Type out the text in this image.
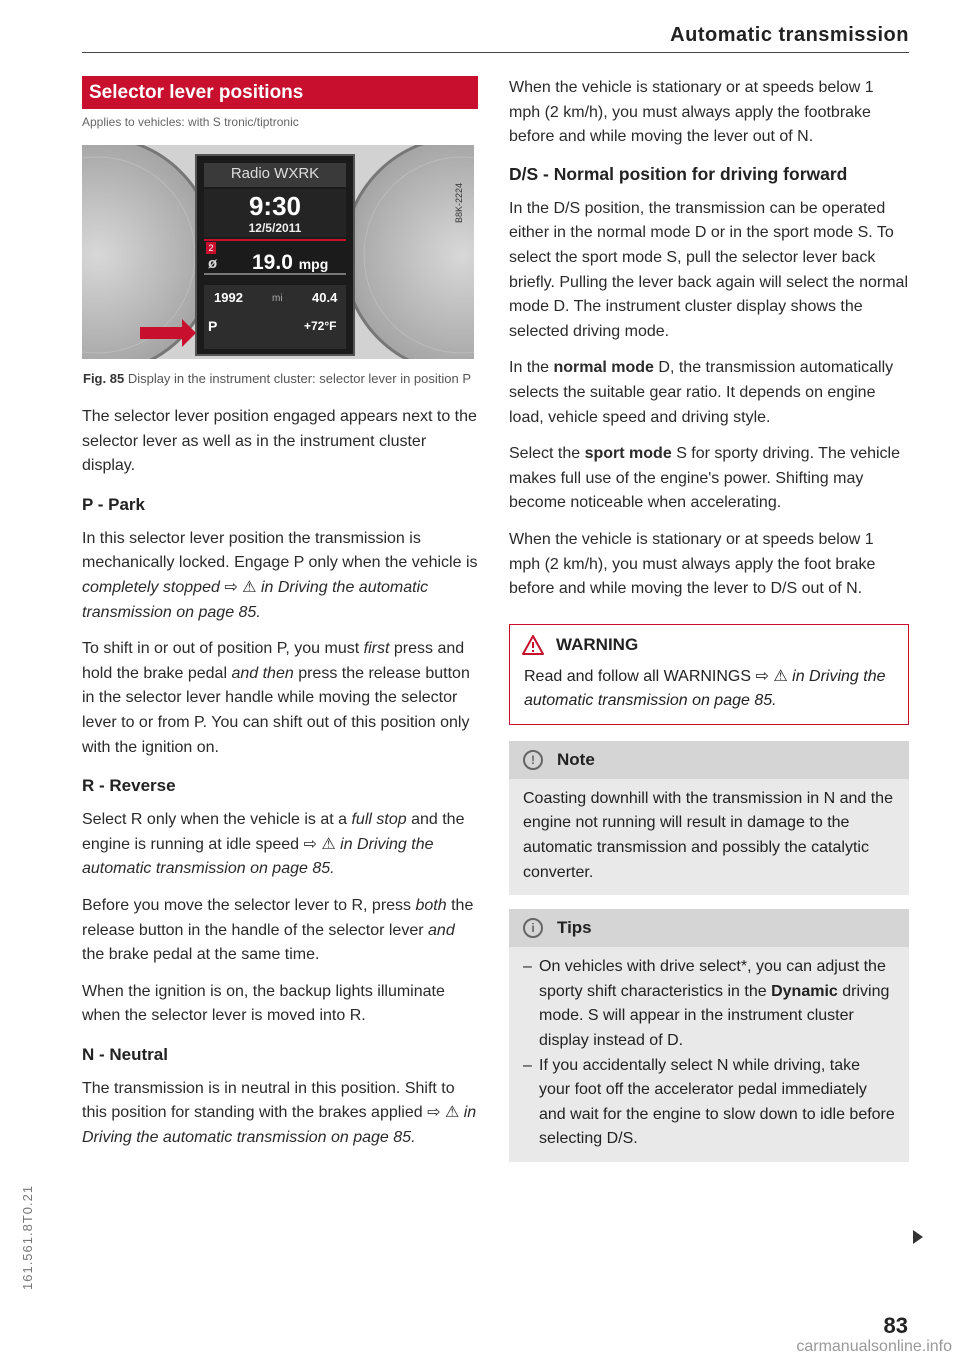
Automatic transmission
Selector lever positions
Applies to vehicles: with S tronic/tiptronic
Radio WXRK
9:30
12/5/2011
2
ø 19.0 mpg
1992	mi 40.4
P	+72°F
B8K-2224
Fig. 85 Display in the instrument cluster: selector lever in position P

The selector lever position engaged appears next to the selector lever as well as in the instrument cluster display.

P - Park

In this selector lever position the transmission is mechanically locked. Engage P only when the vehicle is completely stopped ⇨ ⚠ in Driving the automatic transmission on page 85.

To shift in or out of position P, you must first press and hold the brake pedal and then press the release button in the selector lever handle while moving the selector lever to or from P. You can shift out of this position only with the ignition on.

R - Reverse

Select R only when the vehicle is at a full stop and the engine is running at idle speed ⇨ ⚠ in Driving the automatic transmission on page 85.

Before you move the selector lever to R, press both the release button in the handle of the selector lever and the brake pedal at the same time.

When the ignition is on, the backup lights illuminate when the selector lever is moved into R.

N - Neutral

The transmission is in neutral in this position. Shift to this position for standing with the brakes applied ⇨ ⚠ in Driving the automatic transmission on page 85.

When the vehicle is stationary or at speeds below 1 mph (2 km/h), you must always apply the footbrake before and while moving the lever out of N.

D/S - Normal position for driving forward

In the D/S position, the transmission can be operated either in the normal mode D or in the sport mode S. To select the sport mode S, pull the selector lever back briefly. Pulling the lever back again will select the normal mode D. The instrument cluster display shows the selected driving mode.

In the normal mode D, the transmission automatically selects the suitable gear ratio. It depends on engine load, vehicle speed and driving style.

Select the sport mode S for sporty driving. The vehicle makes full use of the engine's power. Shifting may become noticeable when accelerating.

When the vehicle is stationary or at speeds below 1 mph (2 km/h), you must always apply the foot brake before and while moving the lever to D/S out of N.

WARNING
Read and follow all WARNINGS ⇨ ⚠ in Driving the automatic transmission on page 85.
!	Note
Coasting downhill with the transmission in N and the engine not running will result in damage to the automatic transmission and possibly the catalytic converter.
i	Tips
– On vehicles with drive select*, you can adjust the sporty shift characteristics in the Dynamic driving mode. S will appear in the instrument cluster display instead of D.
– If you accidentally select N while driving, take your foot off the accelerator pedal immediately and wait for the engine to slow down to idle before selecting D/S.
83
161.561.8T0.21
carmanualsonline.info
